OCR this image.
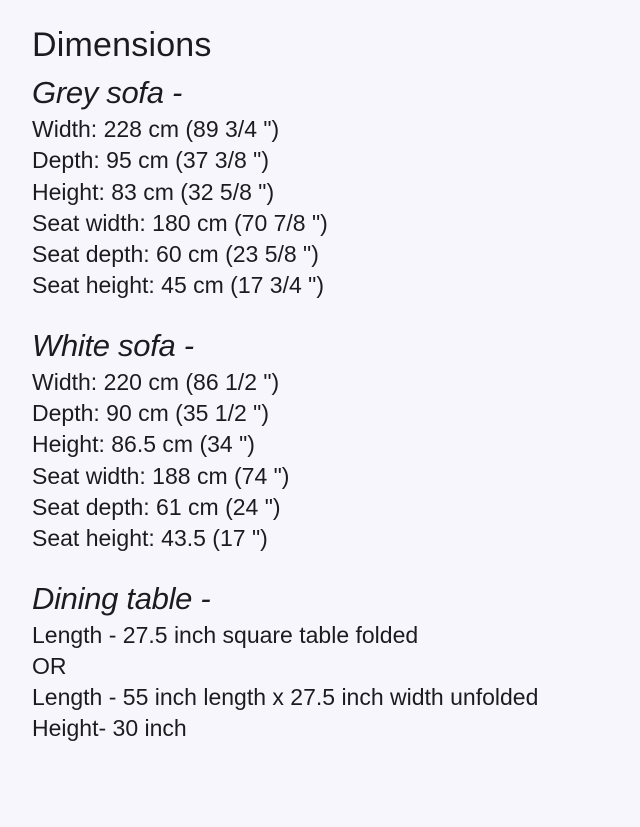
Dimensions
Grey sofa -
Width: 228 cm (89 3/4 ")
Depth: 95 cm (37 3/8 ")
Height: 83 cm (32 5/8 ")
Seat width: 180 cm (70 7/8 ")
Seat depth: 60 cm (23 5/8 ")
Seat height: 45 cm (17 3/4 ")
White sofa -
Width: 220 cm (86 1/2 ")
Depth: 90 cm (35 1/2 ")
Height: 86.5 cm (34 ")
Seat width: 188 cm (74 ")
Seat depth: 61 cm (24 ")
Seat height: 43.5 (17 ")
Dining table -
Length - 27.5 inch square table folded
OR
Length - 55 inch length x 27.5 inch width unfolded
Height- 30 inch
